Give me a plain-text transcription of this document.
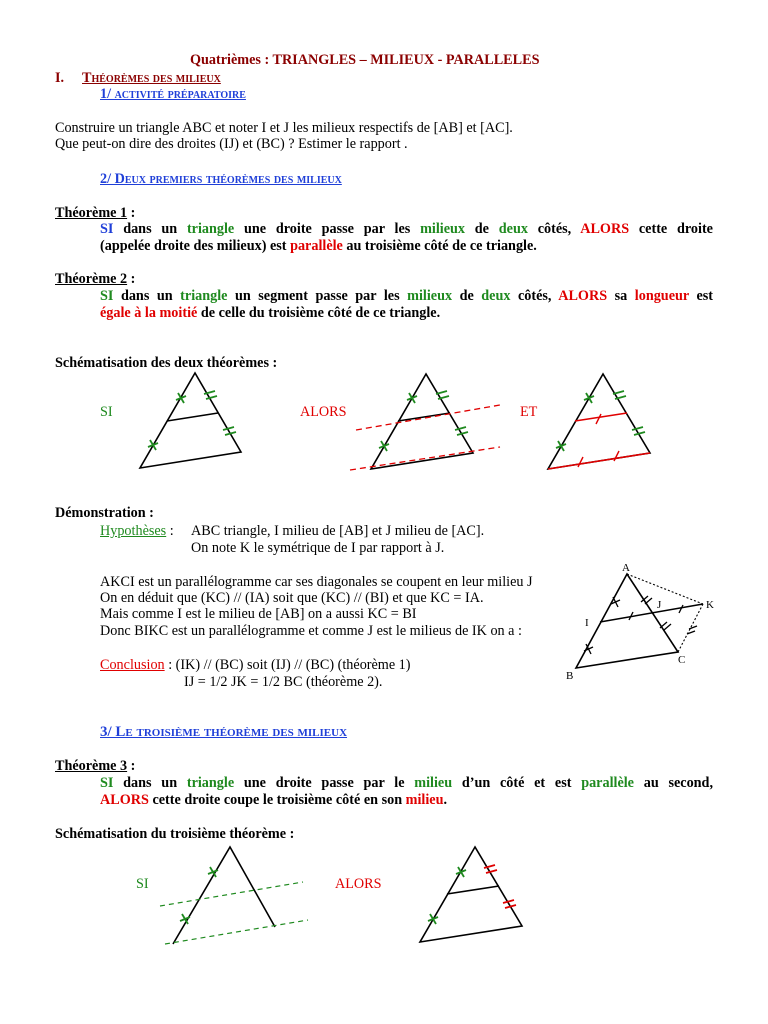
Quatrièmes : TRIANGLES – MILIEUX - PARALLELES
I. Théorèmes des milieux
1/ activité préparatoire
Construire un triangle ABC et noter I et J les milieux respectifs de [AB] et [AC].
Que peut-on dire des droites (IJ) et (BC) ? Estimer le rapport .
2/ Deux premiers théorèmes des milieux
Théorème 1 :
SI dans un triangle une droite passe par les milieux de deux côtés, ALORS cette droite
(appelée droite des milieux) est parallèle au troisième côté de ce triangle.
Théorème 2 :
SI dans un triangle un segment passe par les milieux de deux côtés, ALORS sa longueur est
égale à la moitié de celle du troisième côté de ce triangle.
Schématisation des deux théorèmes :
SI	ALORS	ET
Démonstration :
Hypothèses : ABC triangle, I milieu de [AB] et J milieu de [AC].
On note K le symétrique de I par rapport à J.
AKCI est un parallélogramme car ses diagonales se coupent en leur milieu J
On en déduit que (KC) // (IA) soit que (KC) // (BI) et que KC = IA.
Mais comme I est le milieu de [AB] on a aussi KC = BI
Donc BIKC est un parallélogramme et comme J est le milieus de IK on a :
Conclusion : (IK) // (BC) soit (IJ) // (BC) (théorème 1)
IJ = 1/2 JK = 1/2 BC (théorème 2).
A
B
C
I
J	K
3/ Le troisième théorème des milieux
Théorème 3 :
SI dans un triangle une droite passe par le milieu d’un côté et est parallèle au second,
ALORS cette droite coupe le troisième côté en son milieu.
Schématisation du troisième théorème :
SI	ALORS
